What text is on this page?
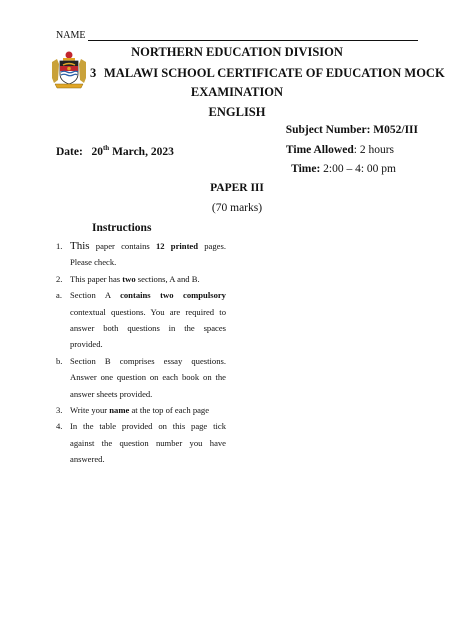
NAME
NORTHERN EDUCATION DIVISION
3 MALAWI SCHOOL CERTIFICATE OF EDUCATION MOCK
EXAMINATION
ENGLISH
Subject Number: M052/III
Date: 20th March, 2023	Time Allowed: 2 hours
Time: 2:00 – 4: 00 pm
PAPER III
(70 marks)
Instructions
1. This paper contains 12 printed pages. Please check.
2. This paper has two sections, A and B.
a. Section A contains two compulsory contextual questions. You are required to answer both questions in the spaces provided.
b. Section B comprises essay questions. Answer one question on each book on the answer sheets provided.
3. Write your name at the top of each page
4. In the table provided on this page tick against the question number you have answered.
